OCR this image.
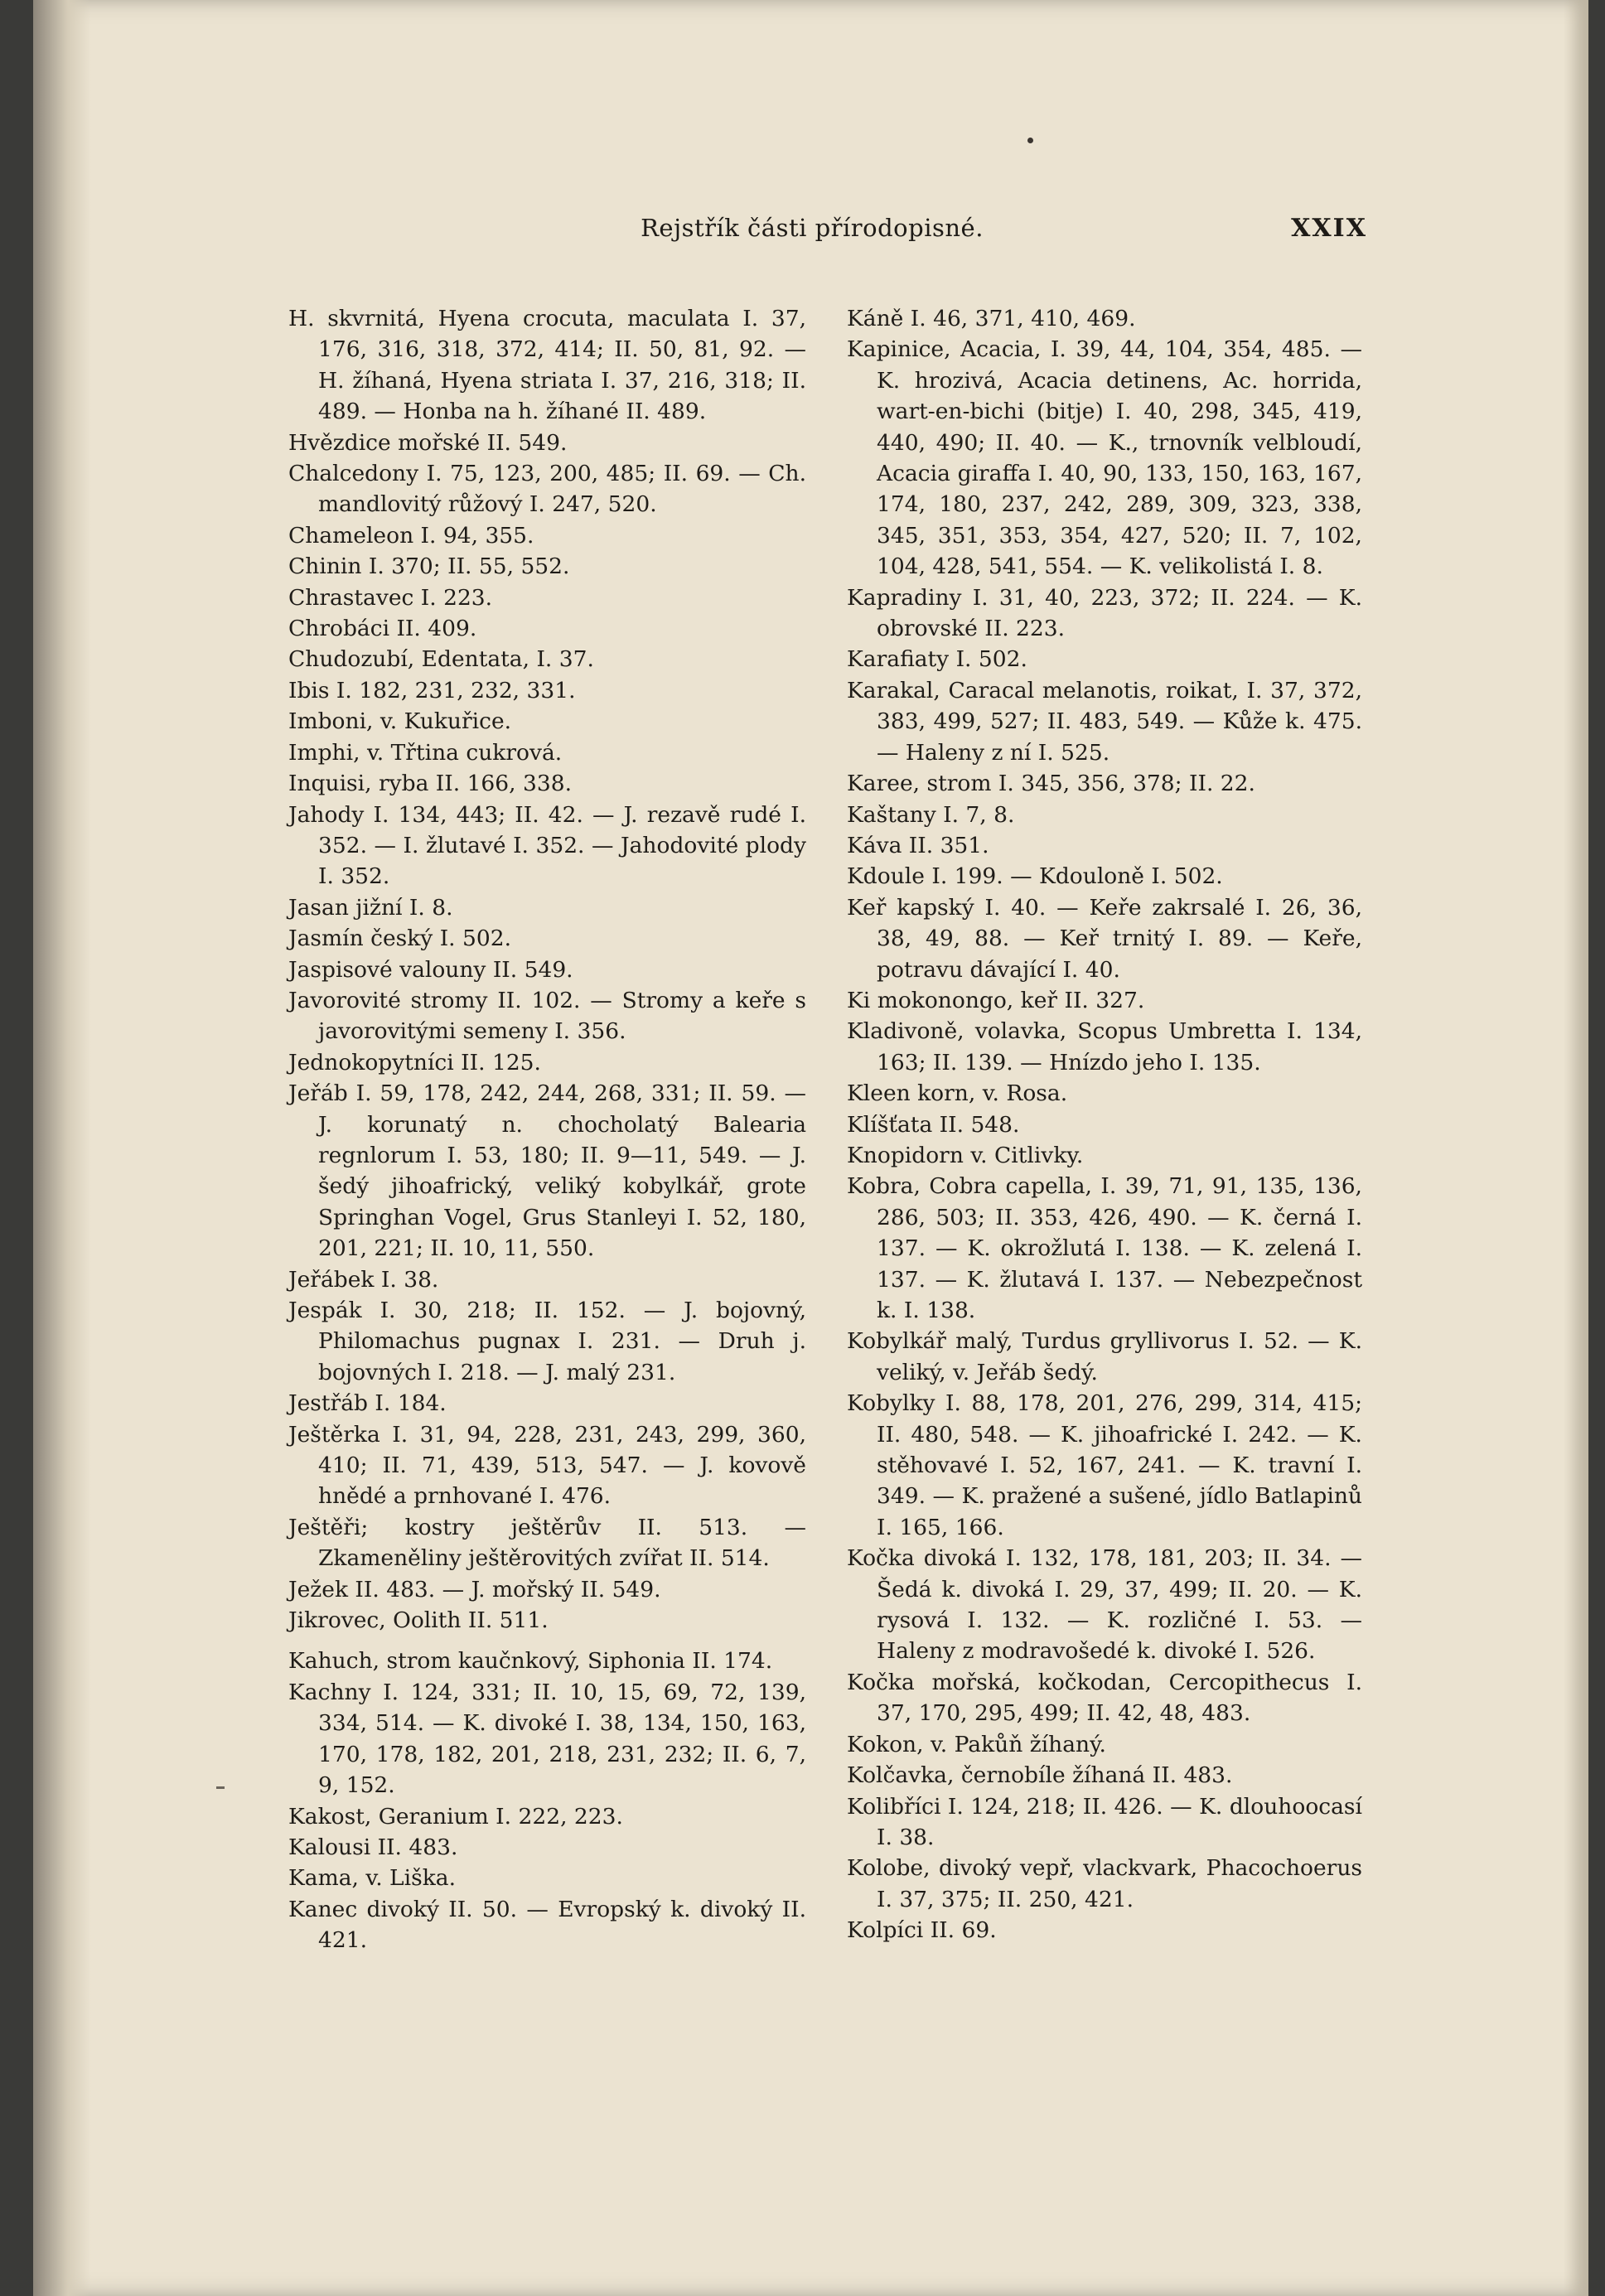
Rejstřík části přírodopisné.	XXIX

H. skvrnitá, Hyena crocuta, maculata I. 37, 176, 316, 318, 372, 414; II. 50, 81, 92. — H. žíhaná, Hyena striata I. 37, 216, 318; II. 489. — Honba na h. žíhané II. 489.

Hvězdice mořské II. 549.

Chalcedony I. 75, 123, 200, 485; II. 69. — Ch. mandlovitý růžový I. 247, 520.

Chameleon I. 94, 355.

Chinin I. 370; II. 55, 552.

Chrastavec I. 223.

Chrobáci II. 409.

Chudozubí, Edentata, I. 37.

Ibis I. 182, 231, 232, 331.

Imboni, v. Kukuřice.

Imphi, v. Třtina cukrová.

Inquisi, ryba II. 166, 338.

Jahody I. 134, 443; II. 42. — J. rezavě rudé I. 352. — I. žlutavé I. 352. — Jahodovité plody I. 352.

Jasan jižní I. 8.

Jasmín český I. 502.

Jaspisové valouny II. 549.

Javorovité stromy II. 102. — Stromy a keře s javorovitými semeny I. 356.

Jednokopytníci II. 125.

Jeřáb I. 59, 178, 242, 244, 268, 331; II. 59. — J. korunatý n. chocholatý Balearia regnlorum I. 53, 180; II. 9—11, 549. — J. šedý jihoafrický, veliký kobylkář, grote Springhan Vogel, Grus Stanleyi I. 52, 180, 201, 221; II. 10, 11, 550.

Jeřábek I. 38.

Jespák I. 30, 218; II. 152. — J. bojovný, Philomachus pugnax I. 231. — Druh j. bojovných I. 218. — J. malý 231.

Jestřáb I. 184.

Ještěrka I. 31, 94, 228, 231, 243, 299, 360, 410; II. 71, 439, 513, 547. — J. kovově hnědé a prnhované I. 476.

Ještěři; kostry ještěrův II. 513. — Zkameněliny ještěrovitých zvířat II. 514.

Ježek II. 483. — J. mořský II. 549.

Jikrovec, Oolith II. 511.

Kahuch, strom kaučnkový, Siphonia II. 174.

Kachny I. 124, 331; II. 10, 15, 69, 72, 139, 334, 514. — K. divoké I. 38, 134, 150, 163, 170, 178, 182, 201, 218, 231, 232; II. 6, 7, 9, 152.

Kakost, Geranium I. 222, 223.

Kalousi II. 483.

Kama, v. Liška.

Kanec divoký II. 50. — Evropský k. divoký II. 421.

Káně I. 46, 371, 410, 469.

Kapinice, Acacia, I. 39, 44, 104, 354, 485. — K. hrozivá, Acacia detinens, Ac. horrida, wart-en-bichi (bitje) I. 40, 298, 345, 419, 440, 490; II. 40. — K., trnovník velbloudí, Acacia giraffa I. 40, 90, 133, 150, 163, 167, 174, 180, 237, 242, 289, 309, 323, 338, 345, 351, 353, 354, 427, 520; II. 7, 102, 104, 428, 541, 554. — K. velikolistá I. 8.

Kapradiny I. 31, 40, 223, 372; II. 224. — K. obrovské II. 223.

Karafiaty I. 502.

Karakal, Caracal melanotis, roikat, I. 37, 372, 383, 499, 527; II. 483, 549. — Kůže k. 475. — Haleny z ní I. 525.

Karee, strom I. 345, 356, 378; II. 22.

Kaštany I. 7, 8.

Káva II. 351.

Kdoule I. 199. — Kdouloně I. 502.

Keř kapský I. 40. — Keře zakrsalé I. 26, 36, 38, 49, 88. — Keř trnitý I. 89. — Keře, potravu dávající I. 40.

Ki mokonongo, keř II. 327.

Kladivoně, volavka, Scopus Umbretta I. 134, 163; II. 139. — Hnízdo jeho I. 135.

Kleen korn, v. Rosa.

Klíšťata II. 548.

Knopidorn v. Citlivky.

Kobra, Cobra capella, I. 39, 71, 91, 135, 136, 286, 503; II. 353, 426, 490. — K. černá I. 137. — K. okrožlutá I. 138. — K. zelená I. 137. — K. žlutavá I. 137. — Nebezpečnost k. I. 138.

Kobylkář malý, Turdus gryllivorus I. 52. — K. veliký, v. Jeřáb šedý.

Kobylky I. 88, 178, 201, 276, 299, 314, 415; II. 480, 548. — K. jihoafrické I. 242. — K. stěhovavé I. 52, 167, 241. — K. travní I. 349. — K. pražené a sušené, jídlo Batlapinů I. 165, 166.

Kočka divoká I. 132, 178, 181, 203; II. 34. — Šedá k. divoká I. 29, 37, 499; II. 20. — K. rysová I. 132. — K. rozličné I. 53. — Haleny z modravošedé k. divoké I. 526.

Kočka mořská, kočkodan, Cercopithecus I. 37, 170, 295, 499; II. 42, 48, 483.

Kokon, v. Pakůň žíhaný.

Kolčavka, černobíle žíhaná II. 483.

Kolibříci I. 124, 218; II. 426. — K. dlouhoocasí I. 38.

Kolobe, divoký vepř, vlackvark, Phacochoerus I. 37, 375; II. 250, 421.

Kolpíci II. 69.
